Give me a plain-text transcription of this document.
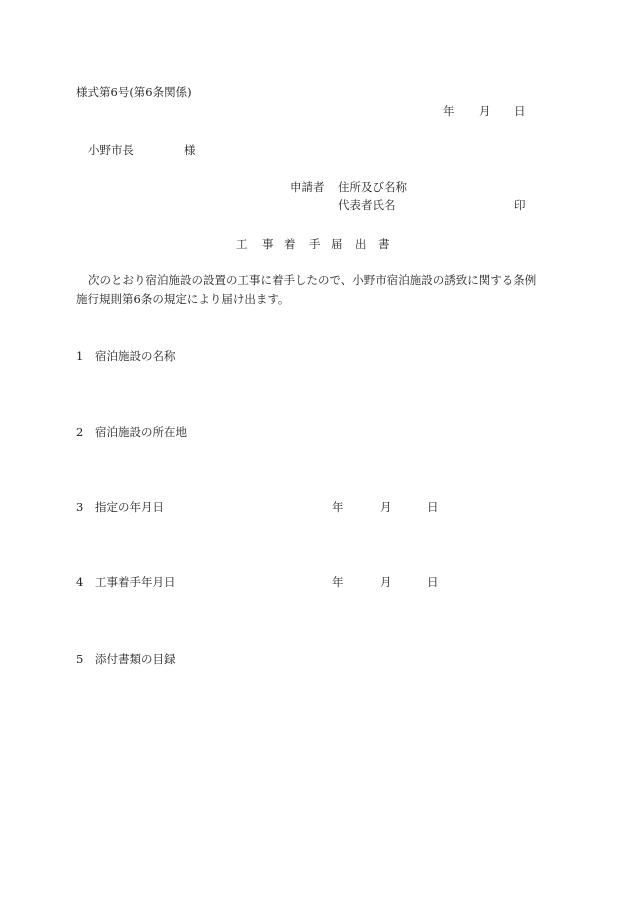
様式第6号(第6条関係)
年 月 日
小野市長	様
申請者 住所及び名称
代表者氏名	印
工 事 着 手 届 出 書
次のとおり宿泊施設の設置の工事に着手したので、小野市宿泊施設の誘致に関する条例
施行規則第6条の規定により届け出ます。
1 宿泊施設の名称
2 宿泊施設の所在地
3 指定の年月日	年	月	日
4 工事着手年月日	年	月	日
5 添付書類の目録
